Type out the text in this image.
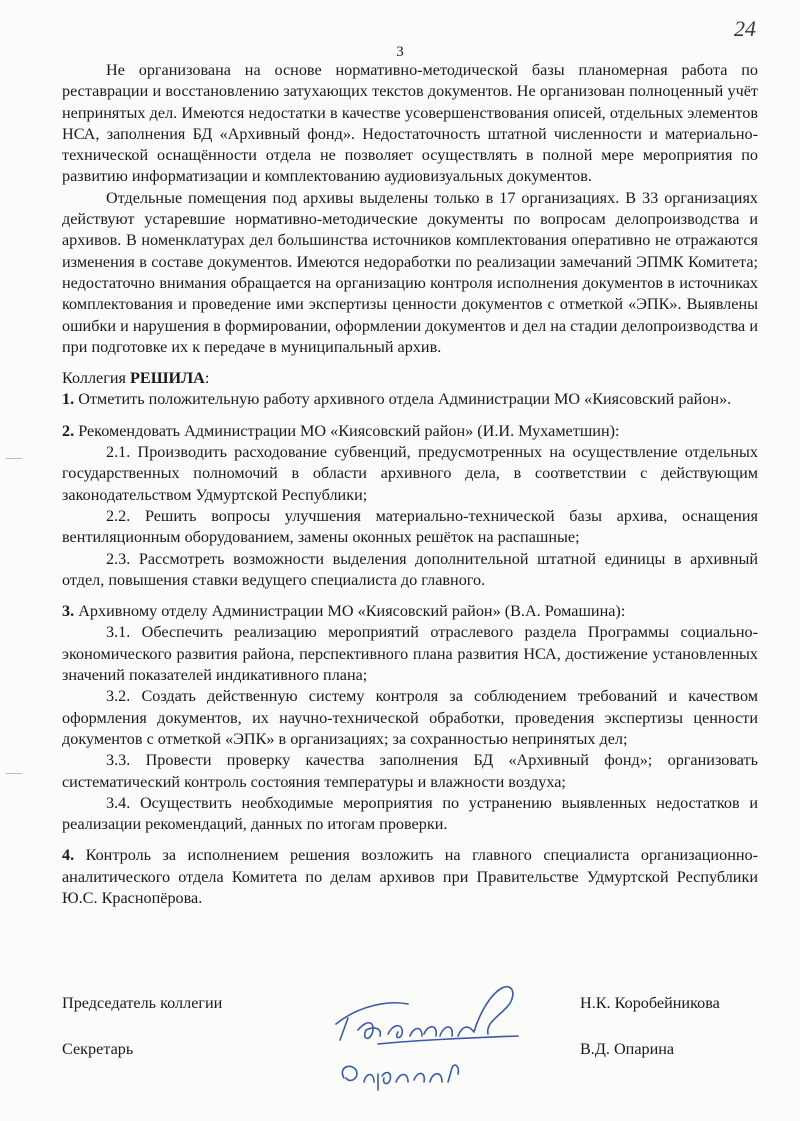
3
24

Не организована на основе нормативно-методической базы планомерная работа по реставрации и восстановлению затухающих текстов документов. Не организован полноценный учёт непринятых дел. Имеются недостатки в качестве усовершенствования описей, отдельных элементов НСА, заполнения БД «Архивный фонд». Недостаточность штатной численности и материально-технической оснащённости отдела не позволяет осуществлять в полной мере мероприятия по развитию информатизации и комплектованию аудиовизуальных документов.

Отдельные помещения под архивы выделены только в 17 организациях. В 33 организациях действуют устаревшие нормативно-методические документы по вопросам делопроизводства и архивов. В номенклатурах дел большинства источников комплектования оперативно не отражаются изменения в составе документов. Имеются недоработки по реализации замечаний ЭПМК Комитета; недостаточно внимания обращается на организацию контроля исполнения документов в источниках комплектования и проведение ими экспертизы ценности документов с отметкой «ЭПК». Выявлены ошибки и нарушения в формировании, оформлении документов и дел на стадии делопроизводства и при подготовке их к передаче в муниципальный архив.

Коллегия РЕШИЛА:

1. Отметить положительную работу архивного отдела Администрации МО «Киясовский район».

2. Рекомендовать Администрации МО «Киясовский район» (И.И. Мухаметшин):

2.1. Производить расходование субвенций, предусмотренных на осуществление отдельных государственных полномочий в области архивного дела, в соответствии с действующим законодательством Удмуртской Республики;

2.2. Решить вопросы улучшения материально-технической базы архива, оснащения вентиляционным оборудованием, замены оконных решёток на распашные;

2.3. Рассмотреть возможности выделения дополнительной штатной единицы в архивный отдел, повышения ставки ведущего специалиста до главного.

3. Архивному отделу Администрации МО «Киясовский район» (В.А. Ромашина):

3.1. Обеспечить реализацию мероприятий отраслевого раздела Программы социально-экономического развития района, перспективного плана развития НСА, достижение установленных значений показателей индикативного плана;

3.2. Создать действенную систему контроля за соблюдением требований и качеством оформления документов, их научно-технической обработки, проведения экспертизы ценности документов с отметкой «ЭПК» в организациях; за сохранностью непринятых дел;

3.3. Провести проверку качества заполнения БД «Архивный фонд»; организовать систематический контроль состояния температуры и влажности воздуха;

3.4. Осуществить необходимые мероприятия по устранению выявленных недостатков и реализации рекомендаций, данных по итогам проверки.

4. Контроль за исполнением решения возложить на главного специалиста организационно-аналитического отдела Комитета по делам архивов при Правительстве Удмуртской Республики Ю.С. Краснопёрова.

Председатель коллегии	Н.К. Коробейникова
Секретарь	В.Д. Опарина
